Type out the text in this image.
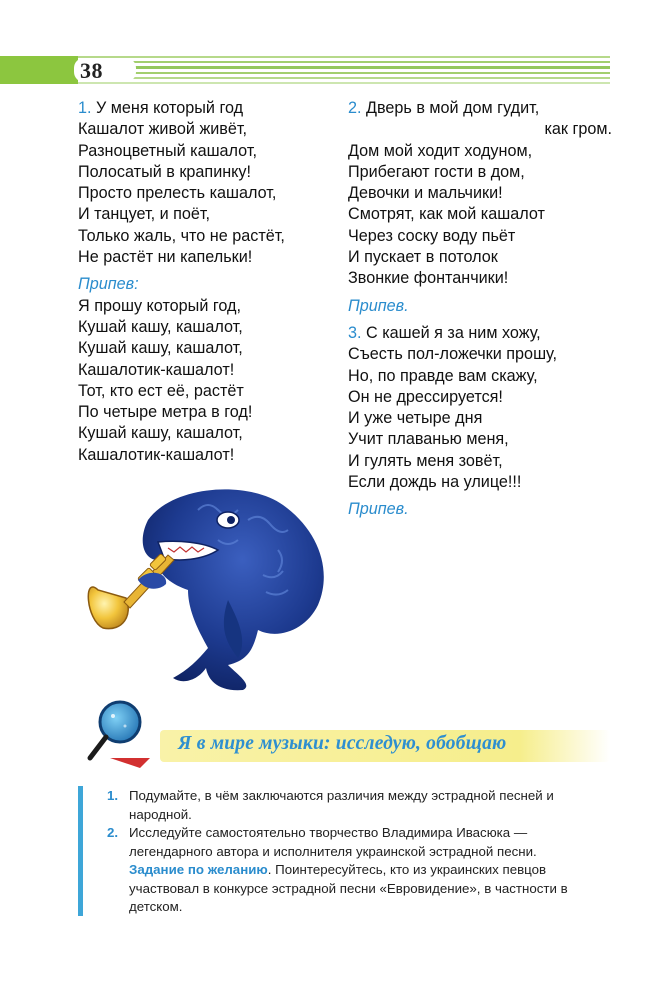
38
1. У меня который год
Кашалот живой живёт,
Разноцветный кашалот,
Полосатый в крапинку!
Просто прелесть кашалот,
И танцует, и поёт,
Только жаль, что не растёт,
Не растёт ни капельки!
Припев:
Я прошу который год,
Кушай кашу, кашалот,
Кушай кашу, кашалот,
Кашалотик-кашалот!
Тот, кто ест её, растёт
По четыре метра в год!
Кушай кашу, кашалот,
Кашалотик-кашалот!
2. Дверь в мой дом гудит,
как гром.
Дом мой ходит ходуном,
Прибегают гости в дом,
Девочки и мальчики!
Смотрят, как мой кашалот
Через соску воду пьёт
И пускает в потолок
Звонкие фонтанчики!
Припев.
3. С кашей я за ним хожу,
Съесть пол-ложечки прошу,
Но, по правде вам скажу,
Он не дрессируется!
И уже четыре дня
Учит плаванью меня,
И гулять меня зовёт,
Если дождь на улице!!!
Припев.
Я в мире музыки: исследую, обобщаю
1. Подумайте, в чём заключаются различия между эстрадной песней и народной.
2. Исследуйте самостоятельно творчество Владимира Ивасюка — легендарного автора и исполнителя украинской эстрадной песни.
Задание по желанию. Поинтересуйтесь, кто из украинских певцов участвовал в конкурсе эстрадной песни «Евровидение», в частности в детском.
